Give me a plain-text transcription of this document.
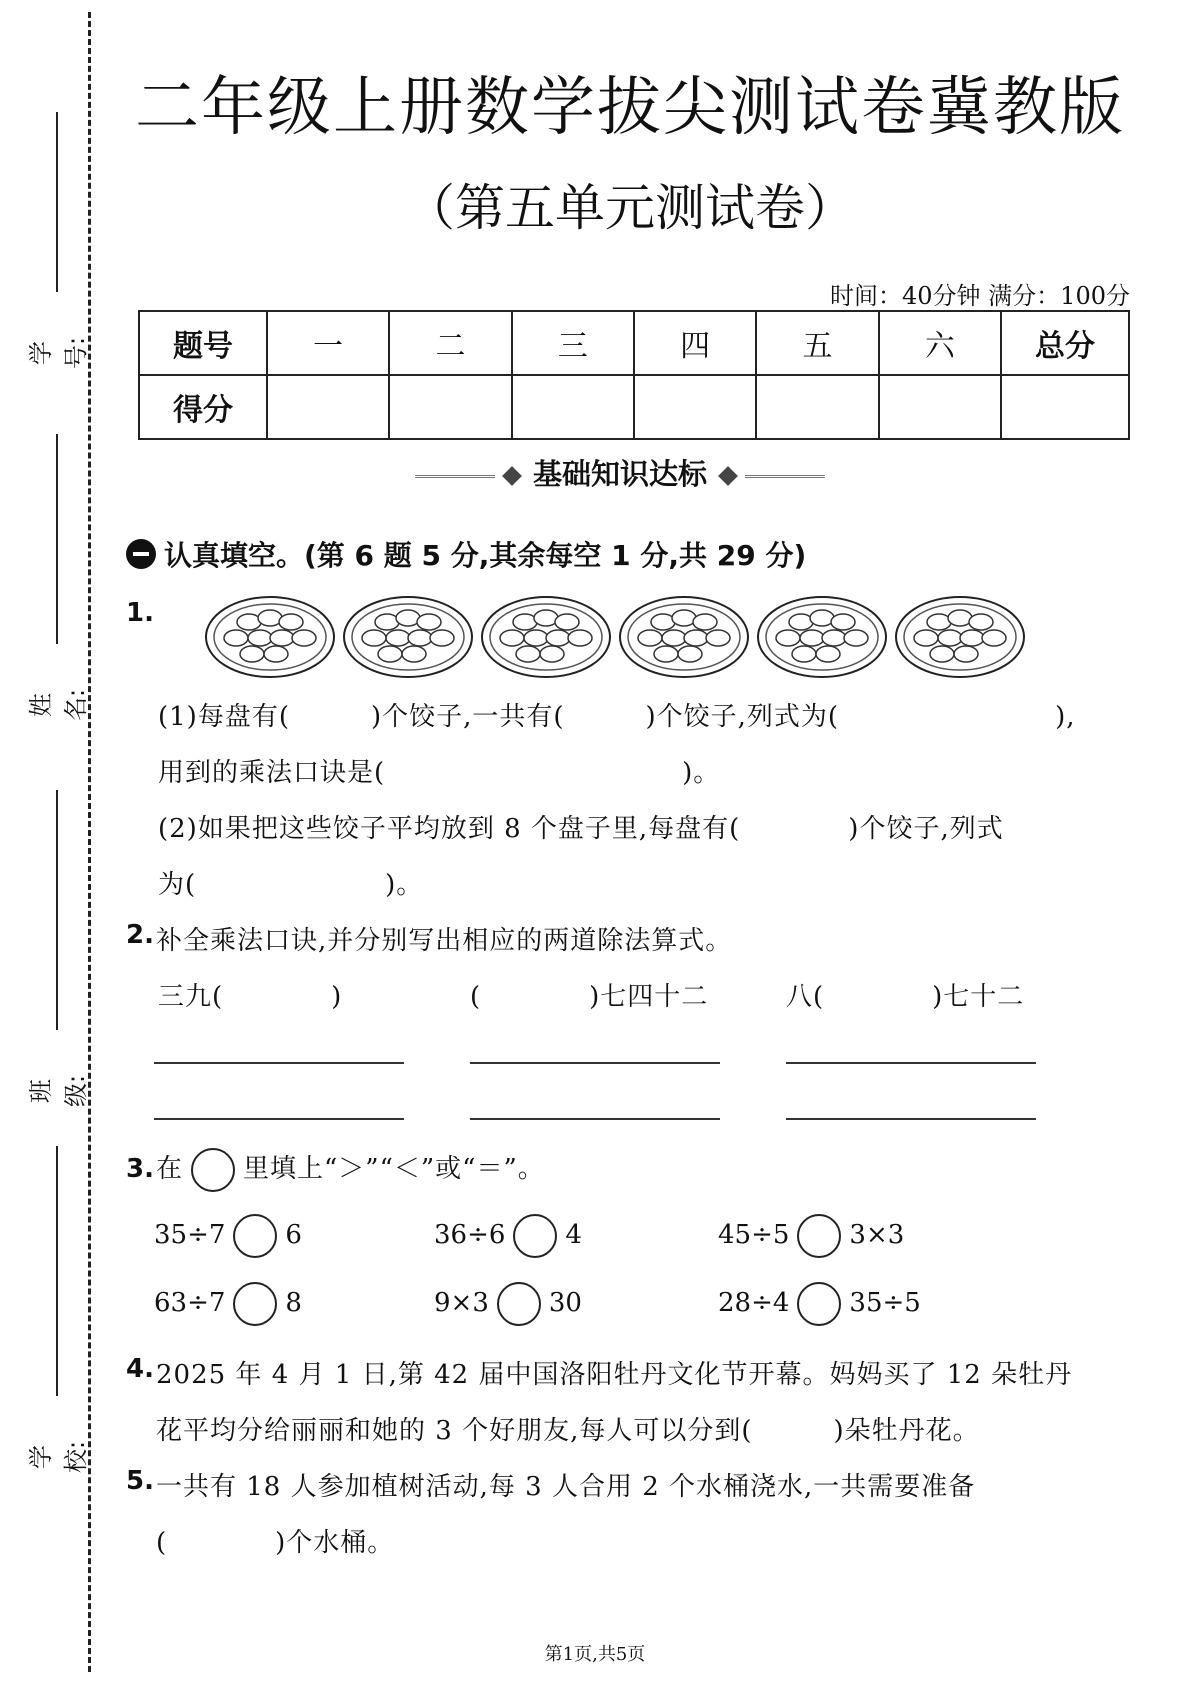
学号:
姓名:
班级:
学校:
二年级上册数学拔尖测试卷冀教版
（第五单元测试卷）
时间：40分钟 满分：100分
题号	一	二	三	四	五	六	总分
得分							
基础知识达标
认真填空。(第 6 题 5 分,其余每空 1 分,共 29 分)
1.
(1)每盘有(　　　)个饺子,一共有(　　　)个饺子,列式为(　　　　　　　　),
用到的乘法口诀是(　　　　　　　　　　　)。
(2)如果把这些饺子平均放到 8 个盘子里,每盘有(　　　　)个饺子,列式
为(　　　　　　　)。
2. 补全乘法口诀,并分别写出相应的两道除法算式。
三九(　　　　)	(　　　　)七四十二	八(　　　　)七十二
3. 在 里填上“＞”“＜”或“＝”。
35÷7 6	36÷6 4	45÷5 3×3
63÷7 8	9×3 30	28÷4 35÷5
4. 2025 年 4 月 1 日,第 42 届中国洛阳牡丹文化节开幕。妈妈买了 12 朵牡丹
花平均分给丽丽和她的 3 个好朋友,每人可以分到(　　　)朵牡丹花。
5. 一共有 18 人参加植树活动,每 3 人合用 2 个水桶浇水,一共需要准备
(　　　　)个水桶。
第1页,共5页
